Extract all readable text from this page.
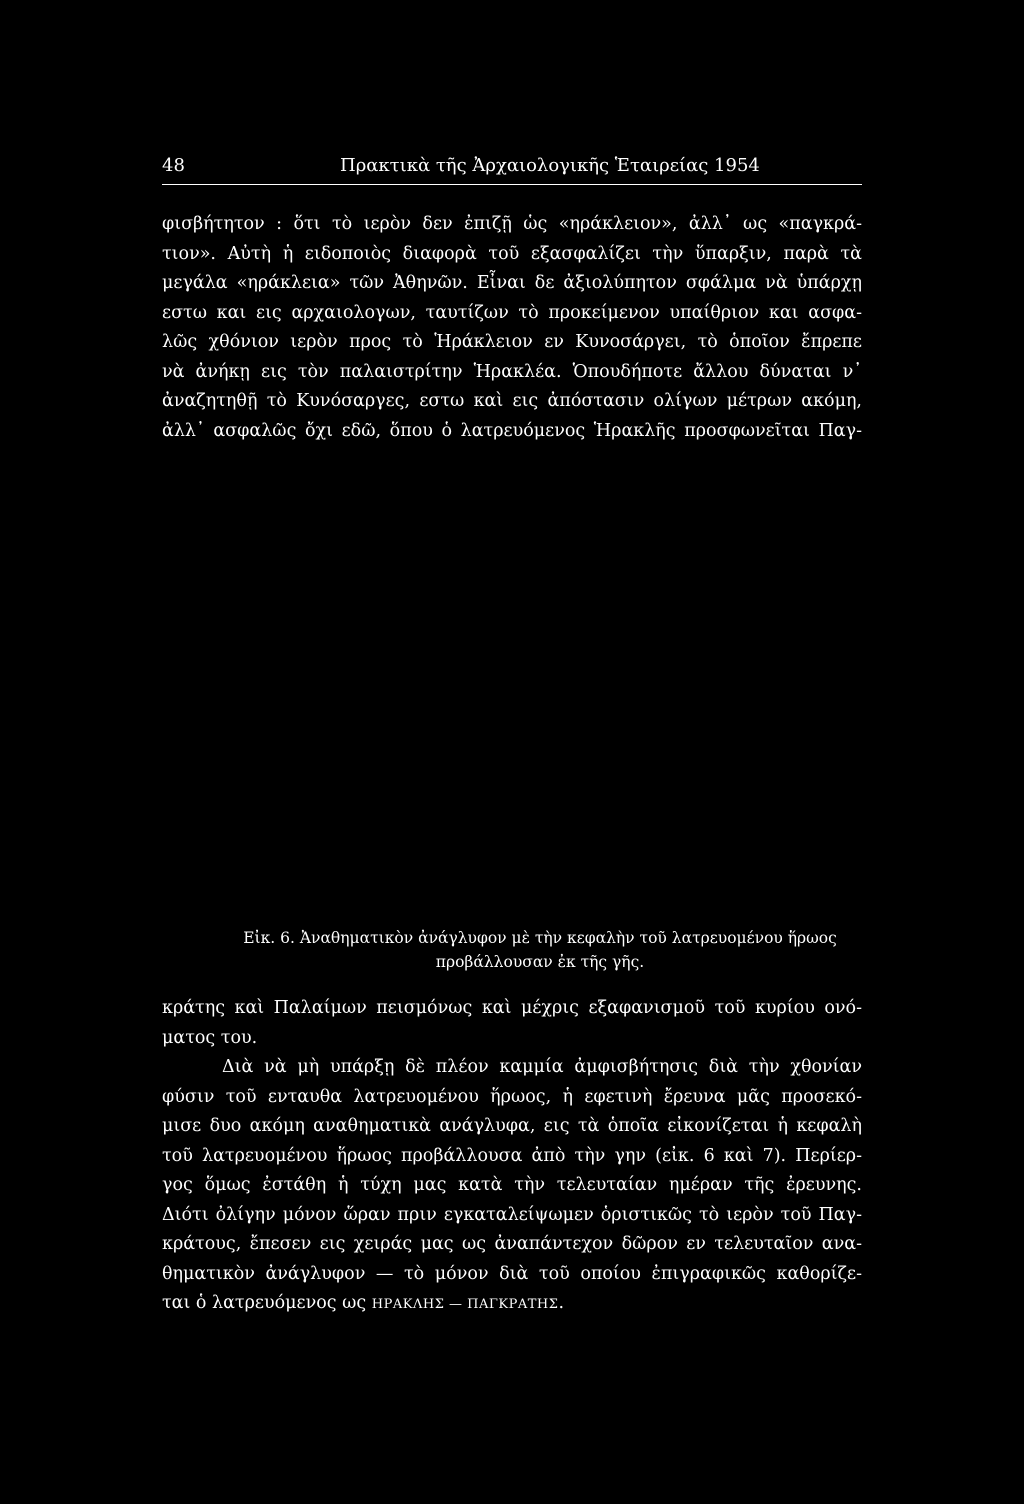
48	Πρακτικὰ τῆς Ἀρχαιολογικῆς Ἑταιρείας 1954
φισβήτητον : ὅτι τὸ ιερὸν δεν ἐπιζῇ ὡς «ηράκλειον», ἀλλ᾽ ως «παγκρά-
τιον». Αὐτὴ ἡ ειδοποιὸς διαφορὰ τοῦ εξασφαλίζει τὴν ὕπαρξιν, παρὰ τὰ
μεγάλα «ηράκλεια» τῶν Ἀθηνῶν. Εἶναι δε ἀξιολύπητον σφάλμα νὰ ὑπάρχῃ
εστω και εις αρχαιολογων, ταυτίζων τὸ προκείμενον υπαίθριον και ασφα-
λῶς χθόνιον ιερὸν προς τὸ Ἡράκλειον εν Κυνοσάργει, τὸ ὁποῖον ἔπρεπε
νὰ ἀνήκῃ εις τὸν παλαιστρίτην Ἡρακλέα. Ὁπουδήποτε ἄλλου δύναται ν᾽
ἀναζητηθῇ τὸ Κυνόσαργες, εστω καὶ εις ἀπόστασιν ολίγων μέτρων ακόμη,
ἀλλ᾽ ασφαλῶς ὄχι εδῶ, ὅπου ὁ λατρευόμενος Ἡρακλῆς προσφωνεῖται Παγ-
Εἰκ. 6. Ἀναθηματικὸν ἀνάγλυφον μὲ τὴν κεφαλὴν τοῦ λατρευομένου ἥρωος
προβάλλουσαν ἐκ τῆς γῆς.
κράτης καὶ Παλαίμων πεισμόνως καὶ μέχρις εξαφανισμοῦ τοῦ κυρίου ονό-
ματος του.
Διὰ νὰ μὴ υπάρξῃ δὲ πλέον καμμία ἀμφισβήτησις διὰ τὴν χθονίαν
φύσιν τοῦ ενταυθα λατρευομένου ἥρωος, ἡ εφετινὴ ἔρευνα μᾶς προσεκό-
μισε δυο ακόμη αναθηματικὰ ανάγλυφα, εις τὰ ὁποῖα εἰκονίζεται ἡ κεφαλὴ
τοῦ λατρευομένου ἥρωος προβάλλουσα ἀπὸ τὴν γην (εἰκ. 6 καὶ 7). Περίερ-
γος ὅμως ἐστάθη ἡ τύχη μας κατὰ τὴν τελευταίαν ημέραν τῆς ἐρευνης.
Διότι ὀλίγην μόνον ὥραν πριν εγκαταλείψωμεν ὁριστικῶς τὸ ιερὸν τοῦ Παγ-
κράτους, ἔπεσεν εις χειράς μας ως ἀναπάντεχον δῶρον εν τελευταῖον ανα-
θηματικὸν ἀνάγλυφον — τὸ μόνον διὰ τοῦ οποίου ἐπιγραφικῶς καθορίζε-
ται ὁ λατρευόμενος ως ΗΡΑΚΛΗΣ — ΠΑΓΚΡΑΤΗΣ.
